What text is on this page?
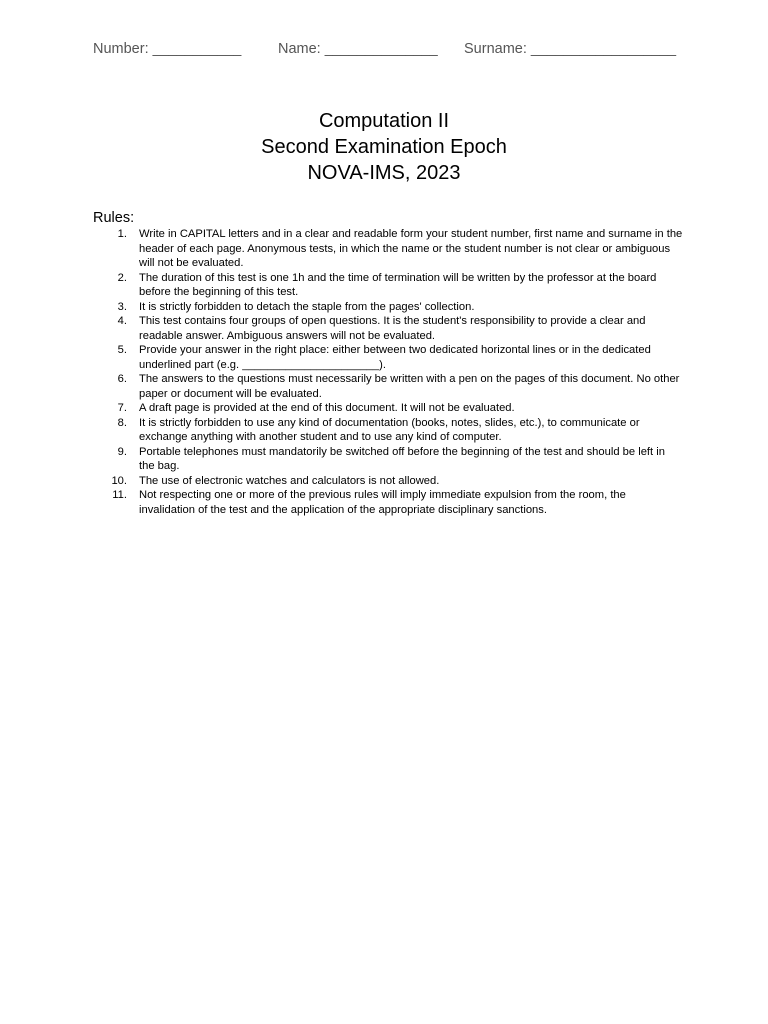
Number: ___________	Name: ______________ Surname: __________________
Computation II
Second Examination Epoch
NOVA-IMS, 2023
Rules:
1. Write in CAPITAL letters and in a clear and readable form your student number, first name and surname in the header of each page. Anonymous tests, in which the name or the student number is not clear or ambiguous will not be evaluated.
2. The duration of this test is one 1h and the time of termination will be written by the professor at the board before the beginning of this test.
3. It is strictly forbidden to detach the staple from the pages' collection.
4. This test contains four groups of open questions. It is the student's responsibility to provide a clear and readable answer. Ambiguous answers will not be evaluated.
5. Provide your answer in the right place: either between two dedicated horizontal lines or in the dedicated underlined part (e.g. ______________________).
6. The answers to the questions must necessarily be written with a pen on the pages of this document. No other paper or document will be evaluated.
7. A draft page is provided at the end of this document. It will not be evaluated.
8. It is strictly forbidden to use any kind of documentation (books, notes, slides, etc.), to communicate or exchange anything with another student and to use any kind of computer.
9. Portable telephones must mandatorily be switched off before the beginning of the test and should be left in the bag.
10. The use of electronic watches and calculators is not allowed.
11. Not respecting one or more of the previous rules will imply immediate expulsion from the room, the invalidation of the test and the application of the appropriate disciplinary sanctions.
